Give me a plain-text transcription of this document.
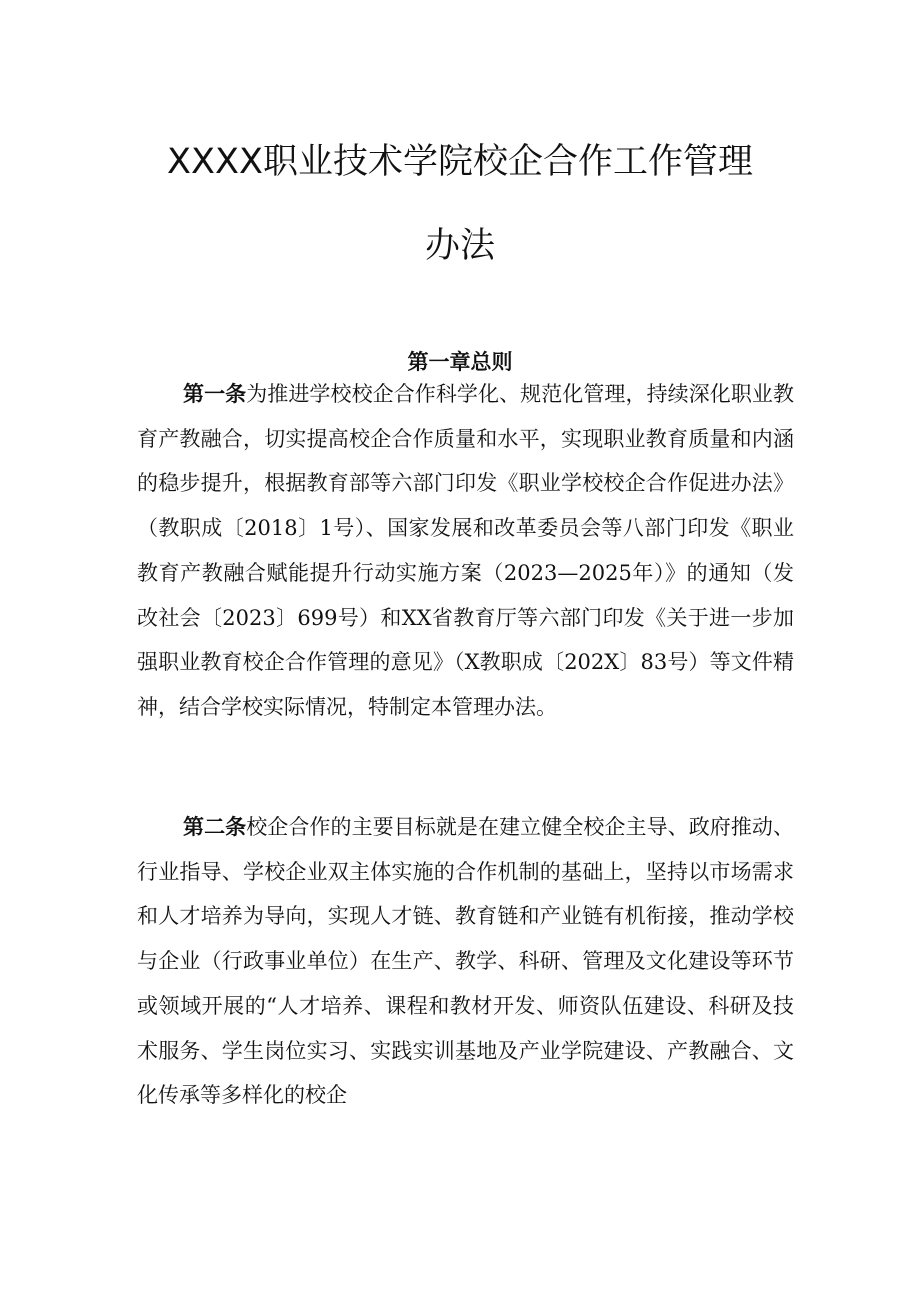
XXXX职业技术学院校企合作工作管理
办法
第一章总则

第一条为推进学校校企合作科学化、规范化管理，持续深化职业教育产教融合，切实提高校企合作质量和水平，实现职业教育质量和内涵的稳步提升，根据教育部等六部门印发《职业学校校企合作促进办法》（教职成〔2018〕1号）、国家发展和改革委员会等八部门印发《职业教育产教融合赋能提升行动实施方案（2023—2025年）》的通知（发改社会〔2023〕699号）和XX省教育厅等六部门印发《关于进一步加强职业教育校企合作管理的意见》（X教职成〔202X〕83号）等文件精神，结合学校实际情况，特制定本管理办法。

第二条校企合作的主要目标就是在建立健全校企主导、政府推动、行业指导、学校企业双主体实施的合作机制的基础上，坚持以市场需求和人才培养为导向，实现人才链、教育链和产业链有机衔接，推动学校与企业（行政事业单位）在生产、教学、科研、管理及文化建设等环节或领域开展的“人才培养、课程和教材开发、师资队伍建设、科研及技术服务、学生岗位实习、实践实训基地及产业学院建设、产教融合、文化传承等多样化的校企
